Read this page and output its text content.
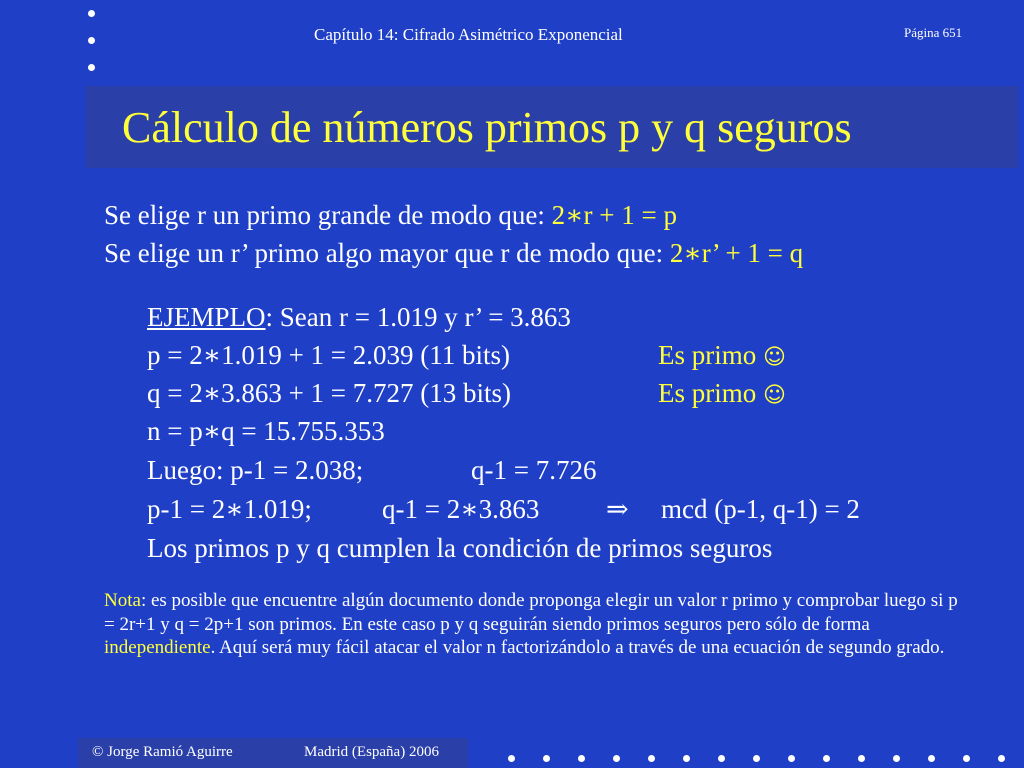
Capítulo 14: Cifrado Asimétrico Exponencial	Página 651
Cálculo de números primos p y q seguros
Se elige r un primo grande de modo que: 2∗r + 1 = p
Se elige un r’ primo algo mayor que r de modo que: 2∗r’ + 1 = q
EJEMPLO: Sean r = 1.019 y r’ = 3.863
p = 2∗1.019 + 1 = 2.039 (11 bits)	Es primo ☺
q = 2∗3.863 + 1 = 7.727 (13 bits)	Es primo ☺
n = p∗q = 15.755.353
Luego: p-1 = 2.038;	q-1 = 7.726
p-1 = 2∗1.019;	q-1 = 2∗3.863 ⇒ mcd (p-1, q-1) = 2
Los primos p y q cumplen la condición de primos seguros
Nota: es posible que encuentre algún documento donde proponga elegir un valor r primo y comprobar luego si p = 2r+1 y q = 2p+1 son primos. En este caso p y q seguirán siendo primos seguros pero sólo de forma independiente. Aquí será muy fácil atacar el valor n factorizándolo a través de una ecuación de segundo grado.
© Jorge Ramió Aguirre	Madrid (España) 2006
